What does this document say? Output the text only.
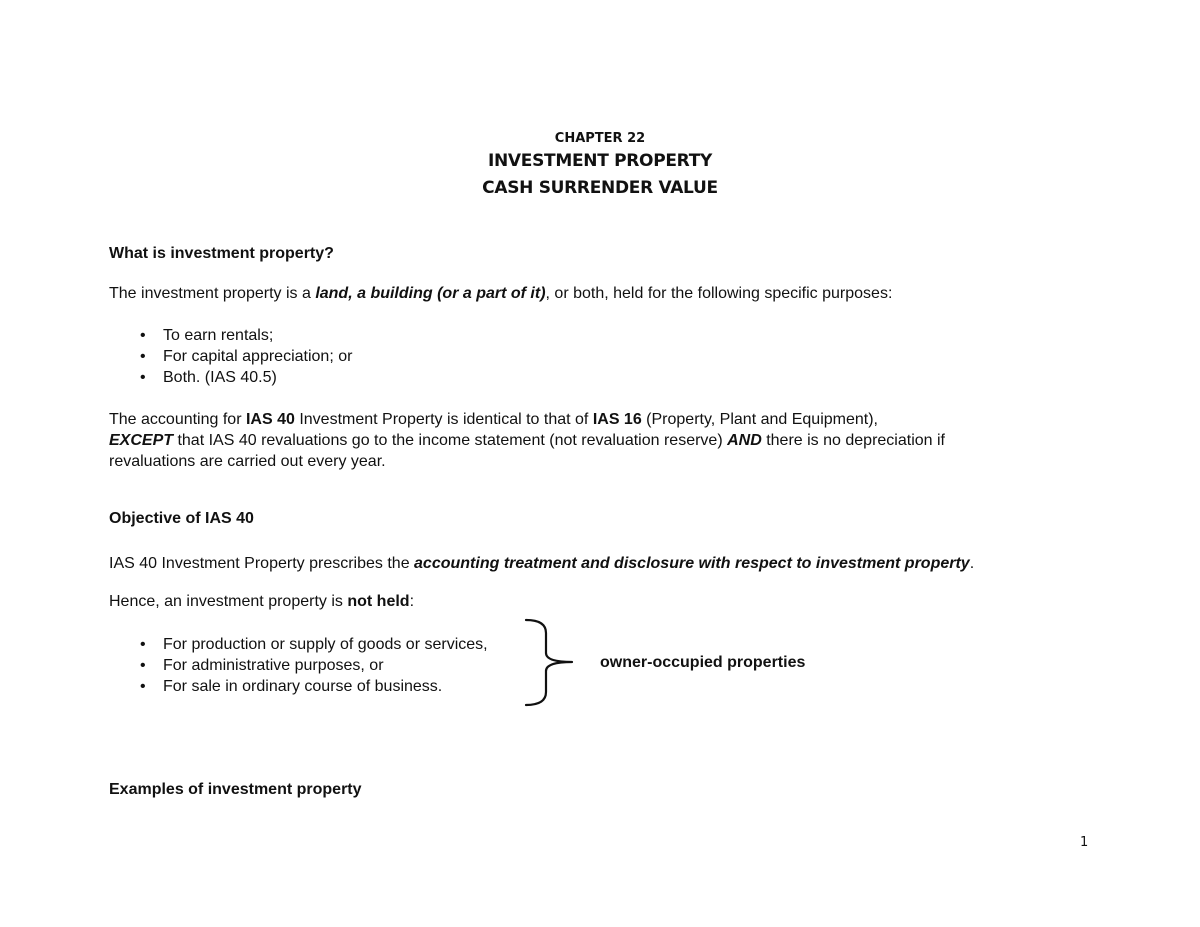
CHAPTER 22
INVESTMENT PROPERTY
CASH SURRENDER VALUE
What is investment property?
The investment property is a land, a building (or a part of it), or both, held for the following specific purposes:
• To earn rentals;
• For capital appreciation; or
• Both. (IAS 40.5)
The accounting for IAS 40 Investment Property is identical to that of IAS 16 (Property, Plant and Equipment),
EXCEPT that IAS 40 revaluations go to the income statement (not revaluation reserve) AND there is no depreciation if
revaluations are carried out every year.
Objective of IAS 40
IAS 40 Investment Property prescribes the accounting treatment and disclosure with respect to investment property.
Hence, an investment property is not held:
• For production or supply of goods or services,
• For administrative purposes, or
• For sale in ordinary course of business.
owner-occupied properties
Examples of investment property
1
